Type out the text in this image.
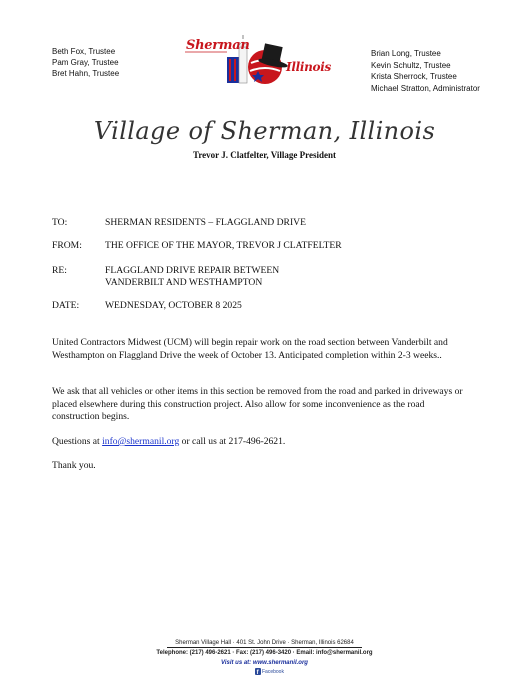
Beth Fox, Trustee
Pam Gray, Trustee
Bret Hahn, Trustee
Sherman
Illinois
Brian Long, Trustee
Kevin Schultz, Trustee
Krista Sherrock, Trustee
Michael Stratton, Administrator
Village of Sherman, Illinois
Trevor J. Clatfelter, Village President
TO:	SHERMAN RESIDENTS – FLAGGLAND DRIVE
FROM: THE OFFICE OF THE MAYOR, TREVOR J CLATFELTER
RE:	FLAGGLAND DRIVE REPAIR BETWEEN
VANDERBILT AND WESTHAMPTON
DATE:	WEDNESDAY, OCTOBER 8 2025
United Contractors Midwest (UCM) will begin repair work on the road section between Vanderbilt and Westhampton on Flaggland Drive the week of October 13. Anticipated completion within 2-3 weeks..
We ask that all vehicles or other items in this section be removed from the road and parked in driveways or placed elsewhere during this construction project. Also allow for some inconvenience as the road construction begins.
Questions at info@shermanil.org or call us at 217-496-2621.
Thank you.
Sherman Village Hall · 401 St. John Drive · Sherman, Illinois 62684
Telephone: (217) 496-2621 · Fax: (217) 496-3420 · Email: info@shermanil.org
Visit us at: www.shermanil.org
f Facebook
